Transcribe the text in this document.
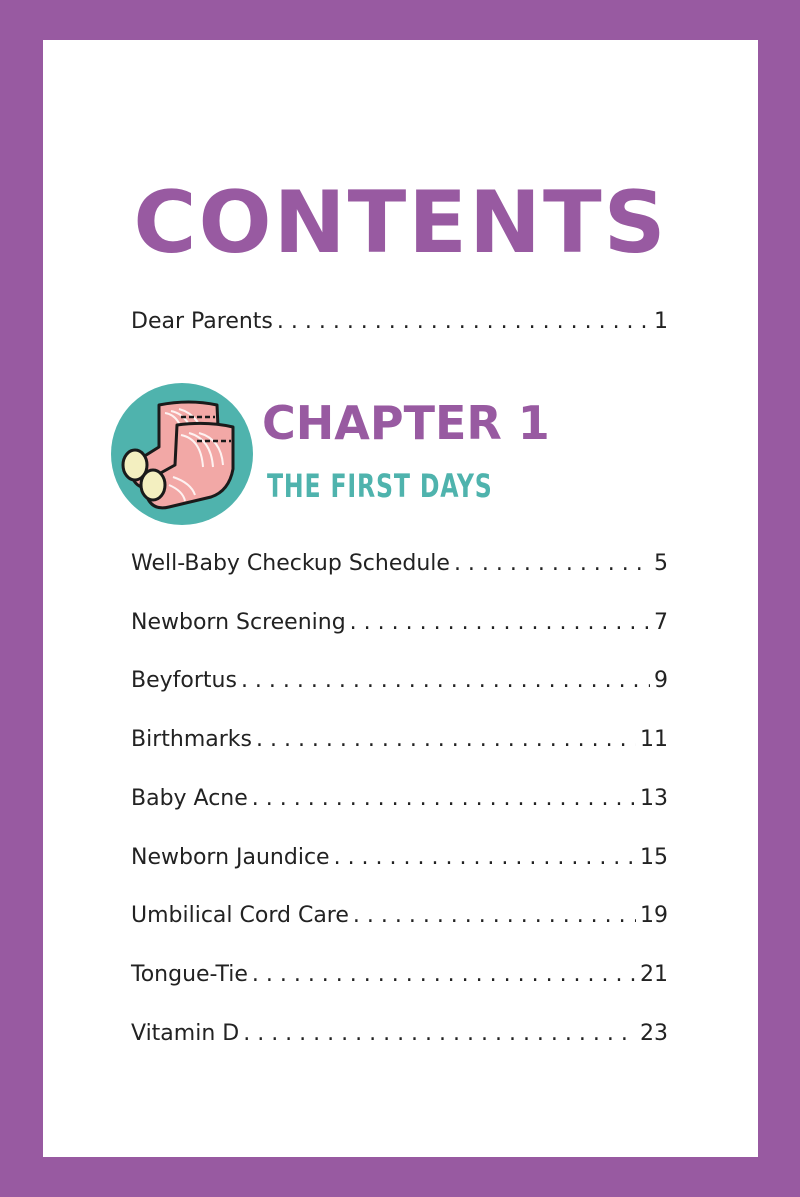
CONTENTS
Dear Parents . . .	1
CHAPTER 1
THE FIRST DAYS
Well-Baby Checkup Schedule . . .	5
Newborn Screening . . .	7
Beyfortus . . .	9
Birthmarks . . .	11
Baby Acne . . .	13
Newborn Jaundice . . .	15
Umbilical Cord Care . . .	19
Tongue-Tie . . .	21
Vitamin D . . .	23
